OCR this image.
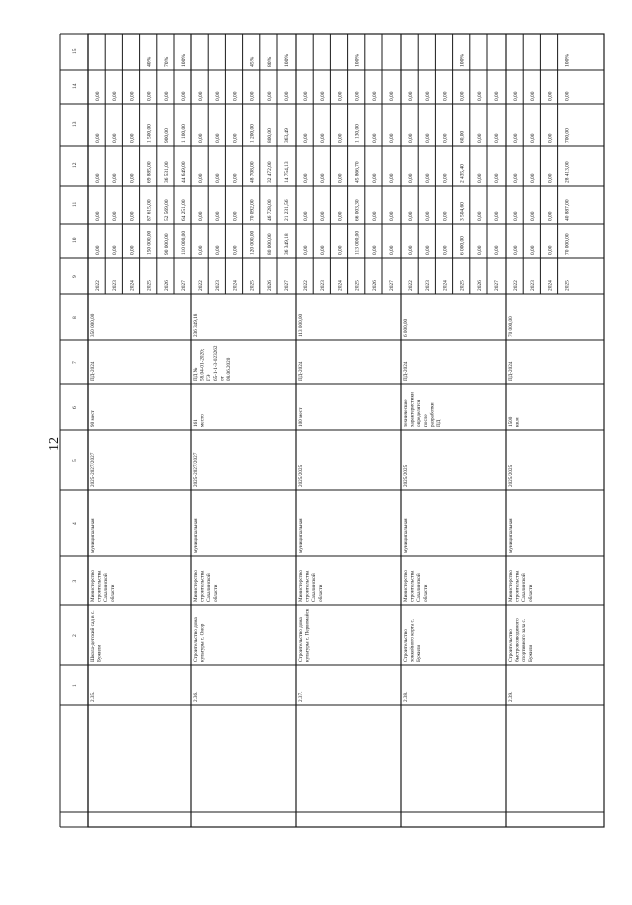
12
1
2
3
4
5
6
7
8
9
10
11
12
13
14
15
2.35.
Школа-детский сад в с.Бужили
МинистерствостроительстваСахалинскойобласти
муниципальная
2025-2027/2027
90 мест
ПД-2024
350 000,00
2022
0,00
0,00
0,00
0,00
0,00
2023
0,00
0,00
0,00
0,00
0,00
2024
0,00
0,00
0,00
0,00
0,00
2025
150 000,00
87 615,00
69 885,00
1 500,00
0,00
40%
2026
90 000,00
52 569,00
36 531,00
900,00
0,00
70%
2027
110 000,00
64 251,00
44 649,00
1 100,00
0,00
100%
2.36.
Строительство домакультуры с. Онор
МинистерствостроительстваСахалинскойобласти
муниципальная
2025-2027/2027
161место
ПД №58.04-01-2020;ГЭ65-1-1-3-023262от08.06.2020
236 349,18
2022
0,00
0,00
0,00
0,00
0,00
2023
0,00
0,00
0,00
0,00
0,00
2024
0,00
0,00
0,00
0,00
0,00
2025
120 000,00
70 092,00
48 708,00
1 200,00
0,00
45%
2026
80 000,00
46 728,00
32 472,00
800,00
0,00
80%
2027
36 349,18
21 231,56
14 754,13
363,49
0,00
100%
2.37.
Строительство домакультуры с. Первомайск
МинистерствостроительстваСахалинскойобласти
муниципальная
2025/2025
100 мест
ПД-2024
113 000,00
2022
0,00
0,00
0,00
0,00
0,00
2023
0,00
0,00
0,00
0,00
0,00
2024
0,00
0,00
0,00
0,00
0,00
2025
113 000,00
66 003,30
45 866,70
1 130,00
0,00
100%
2026
0,00
0,00
0,00
0,00
0,00
2027
0,00
0,00
0,00
0,00
0,00
2.38.
Строительствохоккейного корта с.Бужили
МинистерствостроительстваСахалинскойобласти
муниципальная
2025/2025
техническиехарактеристикиопределятсяпослеразработкиПД
ПД-2024
6 000,00
2022
0,00
0,00
0,00
0,00
0,00
2023
0,00
0,00
0,00
0,00
0,00
2024
0,00
0,00
0,00
0,00
0,00
2025
6 000,00
3 504,60
2 435,40
60,00
0,00
100%
2026
0,00
0,00
0,00
0,00
0,00
2027
0,00
0,00
0,00
0,00
0,00
2.39.
Строительствобыстровозводимогоспортивного зала с.Бужили
МинистерствостроительстваСахалинскойобласти
муниципальная
2025/2025
1500кв.м
ПД-2024
70 000,00
2022
0,00
0,00
0,00
0,00
0,00
2023
0,00
0,00
0,00
0,00
0,00
2024
0,00
0,00
0,00
0,00
0,00
2025
70 000,00
40 887,00
28 413,00
700,00
0,00
100%
